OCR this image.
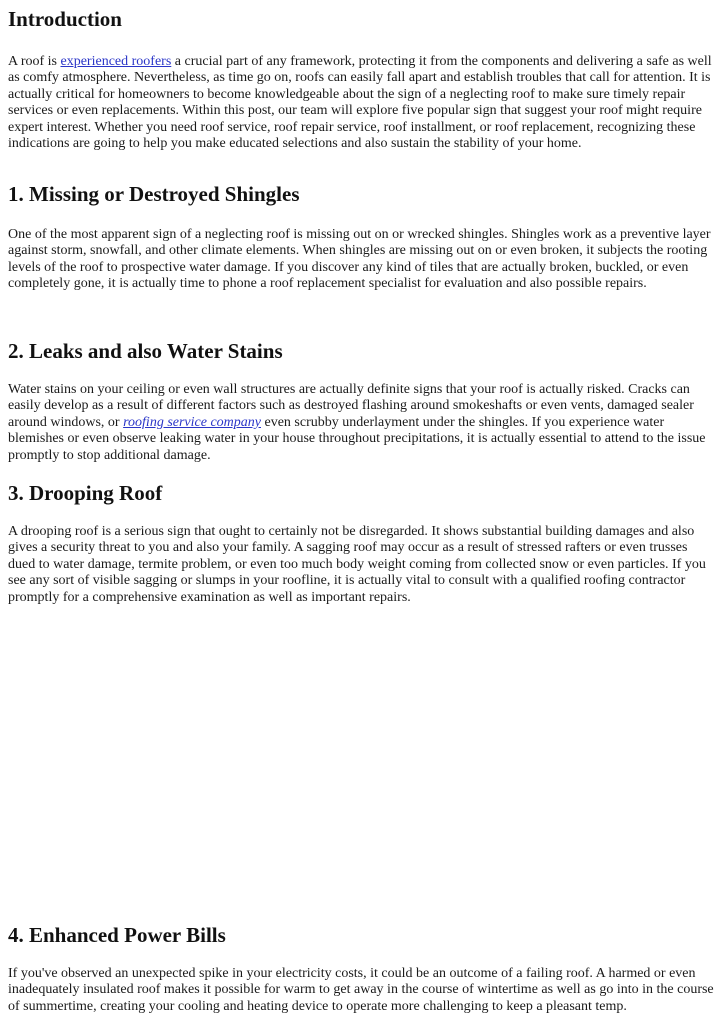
Introduction

A roof is experienced roofers a crucial part of any framework, protecting it from the components and delivering a safe as well as comfy atmosphere. Nevertheless, as time go on, roofs can easily fall apart and establish troubles that call for attention. It is actually critical for homeowners to become knowledgeable about the sign of a neglecting roof to make sure timely repair services or even replacements. Within this post, our team will explore five popular sign that suggest your roof might require expert interest. Whether you need roof service, roof repair service, roof installment, or roof replacement, recognizing these indications are going to help you make educated selections and also sustain the stability of your home.

1. Missing or Destroyed Shingles

One of the most apparent sign of a neglecting roof is missing out on or wrecked shingles. Shingles work as a preventive layer against storm, snowfall, and other climate elements. When shingles are missing out on or even broken, it subjects the rooting levels of the roof to prospective water damage. If you discover any kind of tiles that are actually broken, buckled, or even completely gone, it is actually time to phone a roof replacement specialist for evaluation and also possible repairs.

2. Leaks and also Water Stains

Water stains on your ceiling or even wall structures are actually definite signs that your roof is actually risked. Cracks can easily develop as a result of different factors such as destroyed flashing around smokeshafts or even vents, damaged sealer around windows, or roofing service company even scrubby underlayment under the shingles. If you experience water blemishes or even observe leaking water in your house throughout precipitations, it is actually essential to attend to the issue promptly to stop additional damage.

3. Drooping Roof

A drooping roof is a serious sign that ought to certainly not be disregarded. It shows substantial building damages and also gives a security threat to you and also your family. A sagging roof may occur as a result of stressed rafters or even trusses dued to water damage, termite problem, or even too much body weight coming from collected snow or even particles. If you see any sort of visible sagging or slumps in your roofline, it is actually vital to consult with a qualified roofing contractor promptly for a comprehensive examination as well as important repairs.

4. Enhanced Power Bills

If you've observed an unexpected spike in your electricity costs, it could be an outcome of a failing roof. A harmed or even inadequately insulated roof makes it possible for warm to get away in the course of wintertime as well as go into in the course of summertime, creating your cooling and heating device to operate more challenging to keep a pleasant temp.
